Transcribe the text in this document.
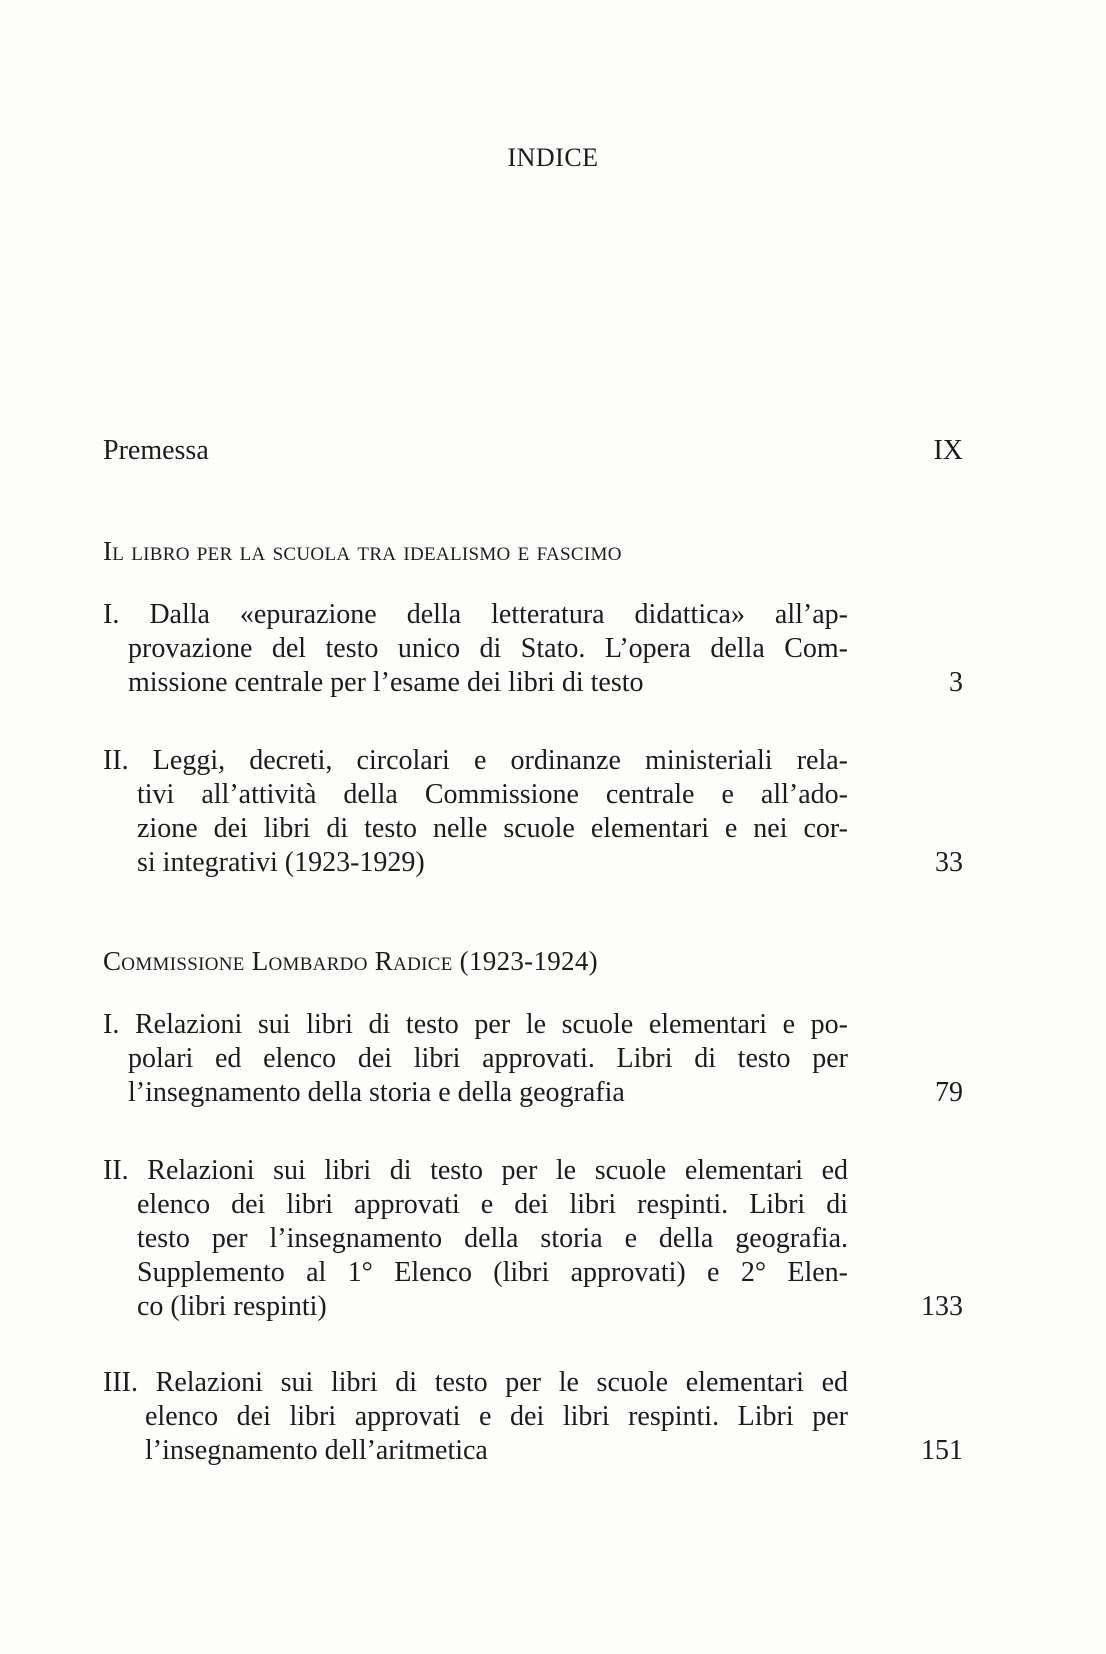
INDICE
Premessa	IX
Il libro per la scuola tra idealismo e fascimo
I. Dalla «epurazione della letteratura didattica» all’ap-
provazione del testo unico di Stato. L’opera della Com-
missione centrale per l’esame dei libri di testo	3
II. Leggi, decreti, circolari e ordinanze ministeriali rela-
tivi all’attività della Commissione centrale e all’ado-
zione dei libri di testo nelle scuole elementari e nei cor-
si integrativi (1923-1929)	33
Commissione Lombardo Radice (1923-1924)
I. Relazioni sui libri di testo per le scuole elementari e po-
polari ed elenco dei libri approvati. Libri di testo per
l’insegnamento della storia e della geografia	79
II. Relazioni sui libri di testo per le scuole elementari ed
elenco dei libri approvati e dei libri respinti. Libri di
testo per l’insegnamento della storia e della geografia.
Supplemento al 1° Elenco (libri approvati) e 2° Elen-
co (libri respinti)	133
III. Relazioni sui libri di testo per le scuole elementari ed
elenco dei libri approvati e dei libri respinti. Libri per
l’insegnamento dell’aritmetica	151
